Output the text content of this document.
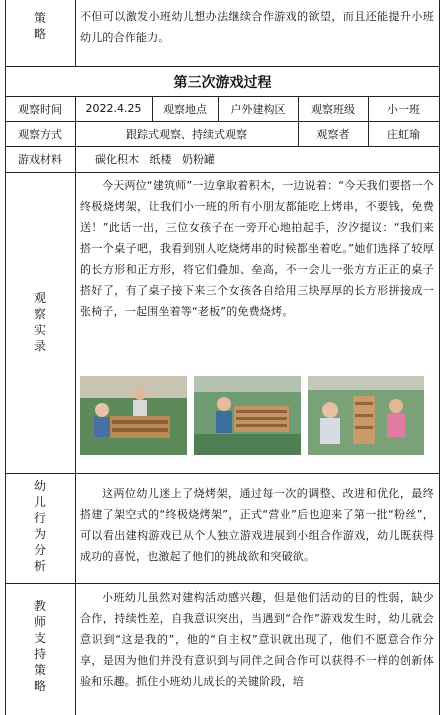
策
略

不但可以激发小班幼儿想办法继续合作游戏的欲望，而且还能提升小班幼儿的合作能力。

第三次游戏过程
观察时间	2022.4.25	观察地点	户外建构区	观察班级	小一班
观察方式	跟踪式观察、持续式观察	观察者	庄虹瑜
游戏材料	碳化积木   纸楼   奶粉罐
观
察
实
录

今天两位“建筑师”一边拿取着积木，一边说着：“今天我们要搭一个终极烧烤架，让我们小一班的所有小朋友都能吃上烤串，不要钱，免费送！”此话一出，三位女孩子在一旁开心地拍起手，汐汐提议：“我们来搭一个桌子吧，我看到别人吃烧烤串的时候都坐着吃。”她们选择了较厚的长方形和正方形，将它们叠加、垒高，不一会儿一张方方正正的桌子搭好了，有了桌子接下来三个女孩各自给用三块厚厚的长方形拼接成一张椅子，一起围坐着等“老板”的免费烧烤。

幼
儿
行
为
分
析

这两位幼儿迷上了烧烤架，通过每一次的调整、改进和优化，最终搭建了架空式的“终极烧烤架”，正式“营业”后也迎来了第一批“粉丝”，可以看出建构游戏已从个人独立游戏进展到小组合作游戏，幼儿既获得成功的喜悦，也激起了他们的挑战欲和突破欲。

教
师
支
持
策
略

小班幼儿虽然对建构活动感兴趣，但是他们活动的目的性弱，缺少合作，持续性差，自我意识突出，当遇到“合作”游戏发生时，幼儿就会意识到“这是我的”，他的“自主权”意识就出现了，他们不愿意合作分享，是因为他们并没有意识到与同伴之间合作可以获得不一样的创新体验和乐趣。抓住小班幼儿成长的关键阶段，培
